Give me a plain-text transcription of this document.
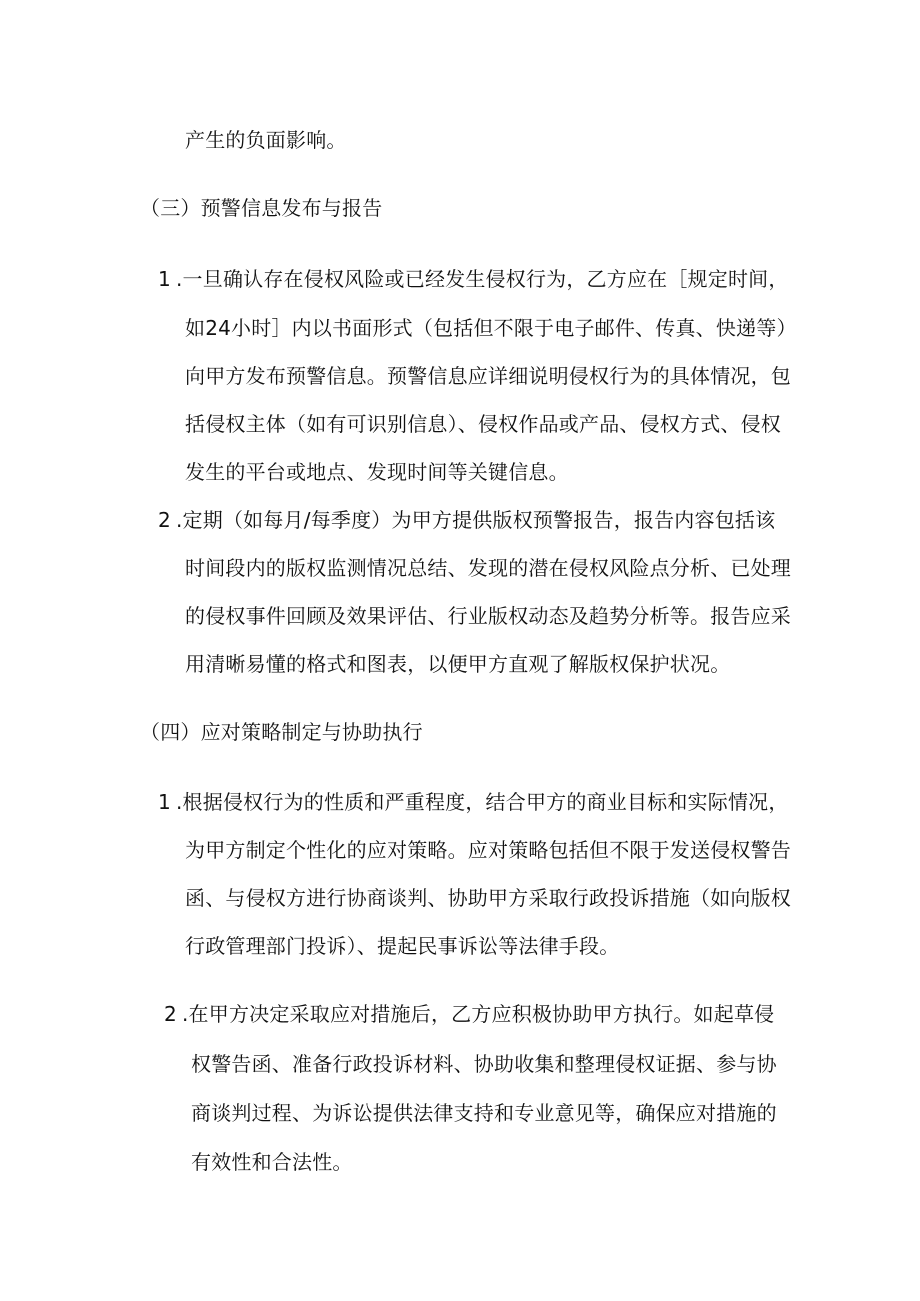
产生的负面影响。
（三）预警信息发布与报告
1 .一旦确认存在侵权风险或已经发生侵权行为，乙方应在［规定时间，
如24小时］内以书面形式（包括但不限于电子邮件、传真、快递等）
向甲方发布预警信息。预警信息应详细说明侵权行为的具体情况，包
括侵权主体（如有可识别信息）、侵权作品或产品、侵权方式、侵权
发生的平台或地点、发现时间等关键信息。
2 .定期（如每月/每季度）为甲方提供版权预警报告，报告内容包括该
时间段内的版权监测情况总结、发现的潜在侵权风险点分析、已处理
的侵权事件回顾及效果评估、行业版权动态及趋势分析等。报告应采
用清晰易懂的格式和图表，以便甲方直观了解版权保护状况。
（四）应对策略制定与协助执行
1 .根据侵权行为的性质和严重程度，结合甲方的商业目标和实际情况，
为甲方制定个性化的应对策略。应对策略包括但不限于发送侵权警告
函、与侵权方进行协商谈判、协助甲方采取行政投诉措施（如向版权
行政管理部门投诉）、提起民事诉讼等法律手段。
2 .在甲方决定采取应对措施后，乙方应积极协助甲方执行。如起草侵
权警告函、准备行政投诉材料、协助收集和整理侵权证据、参与协
商谈判过程、为诉讼提供法律支持和专业意见等，确保应对措施的
有效性和合法性。
